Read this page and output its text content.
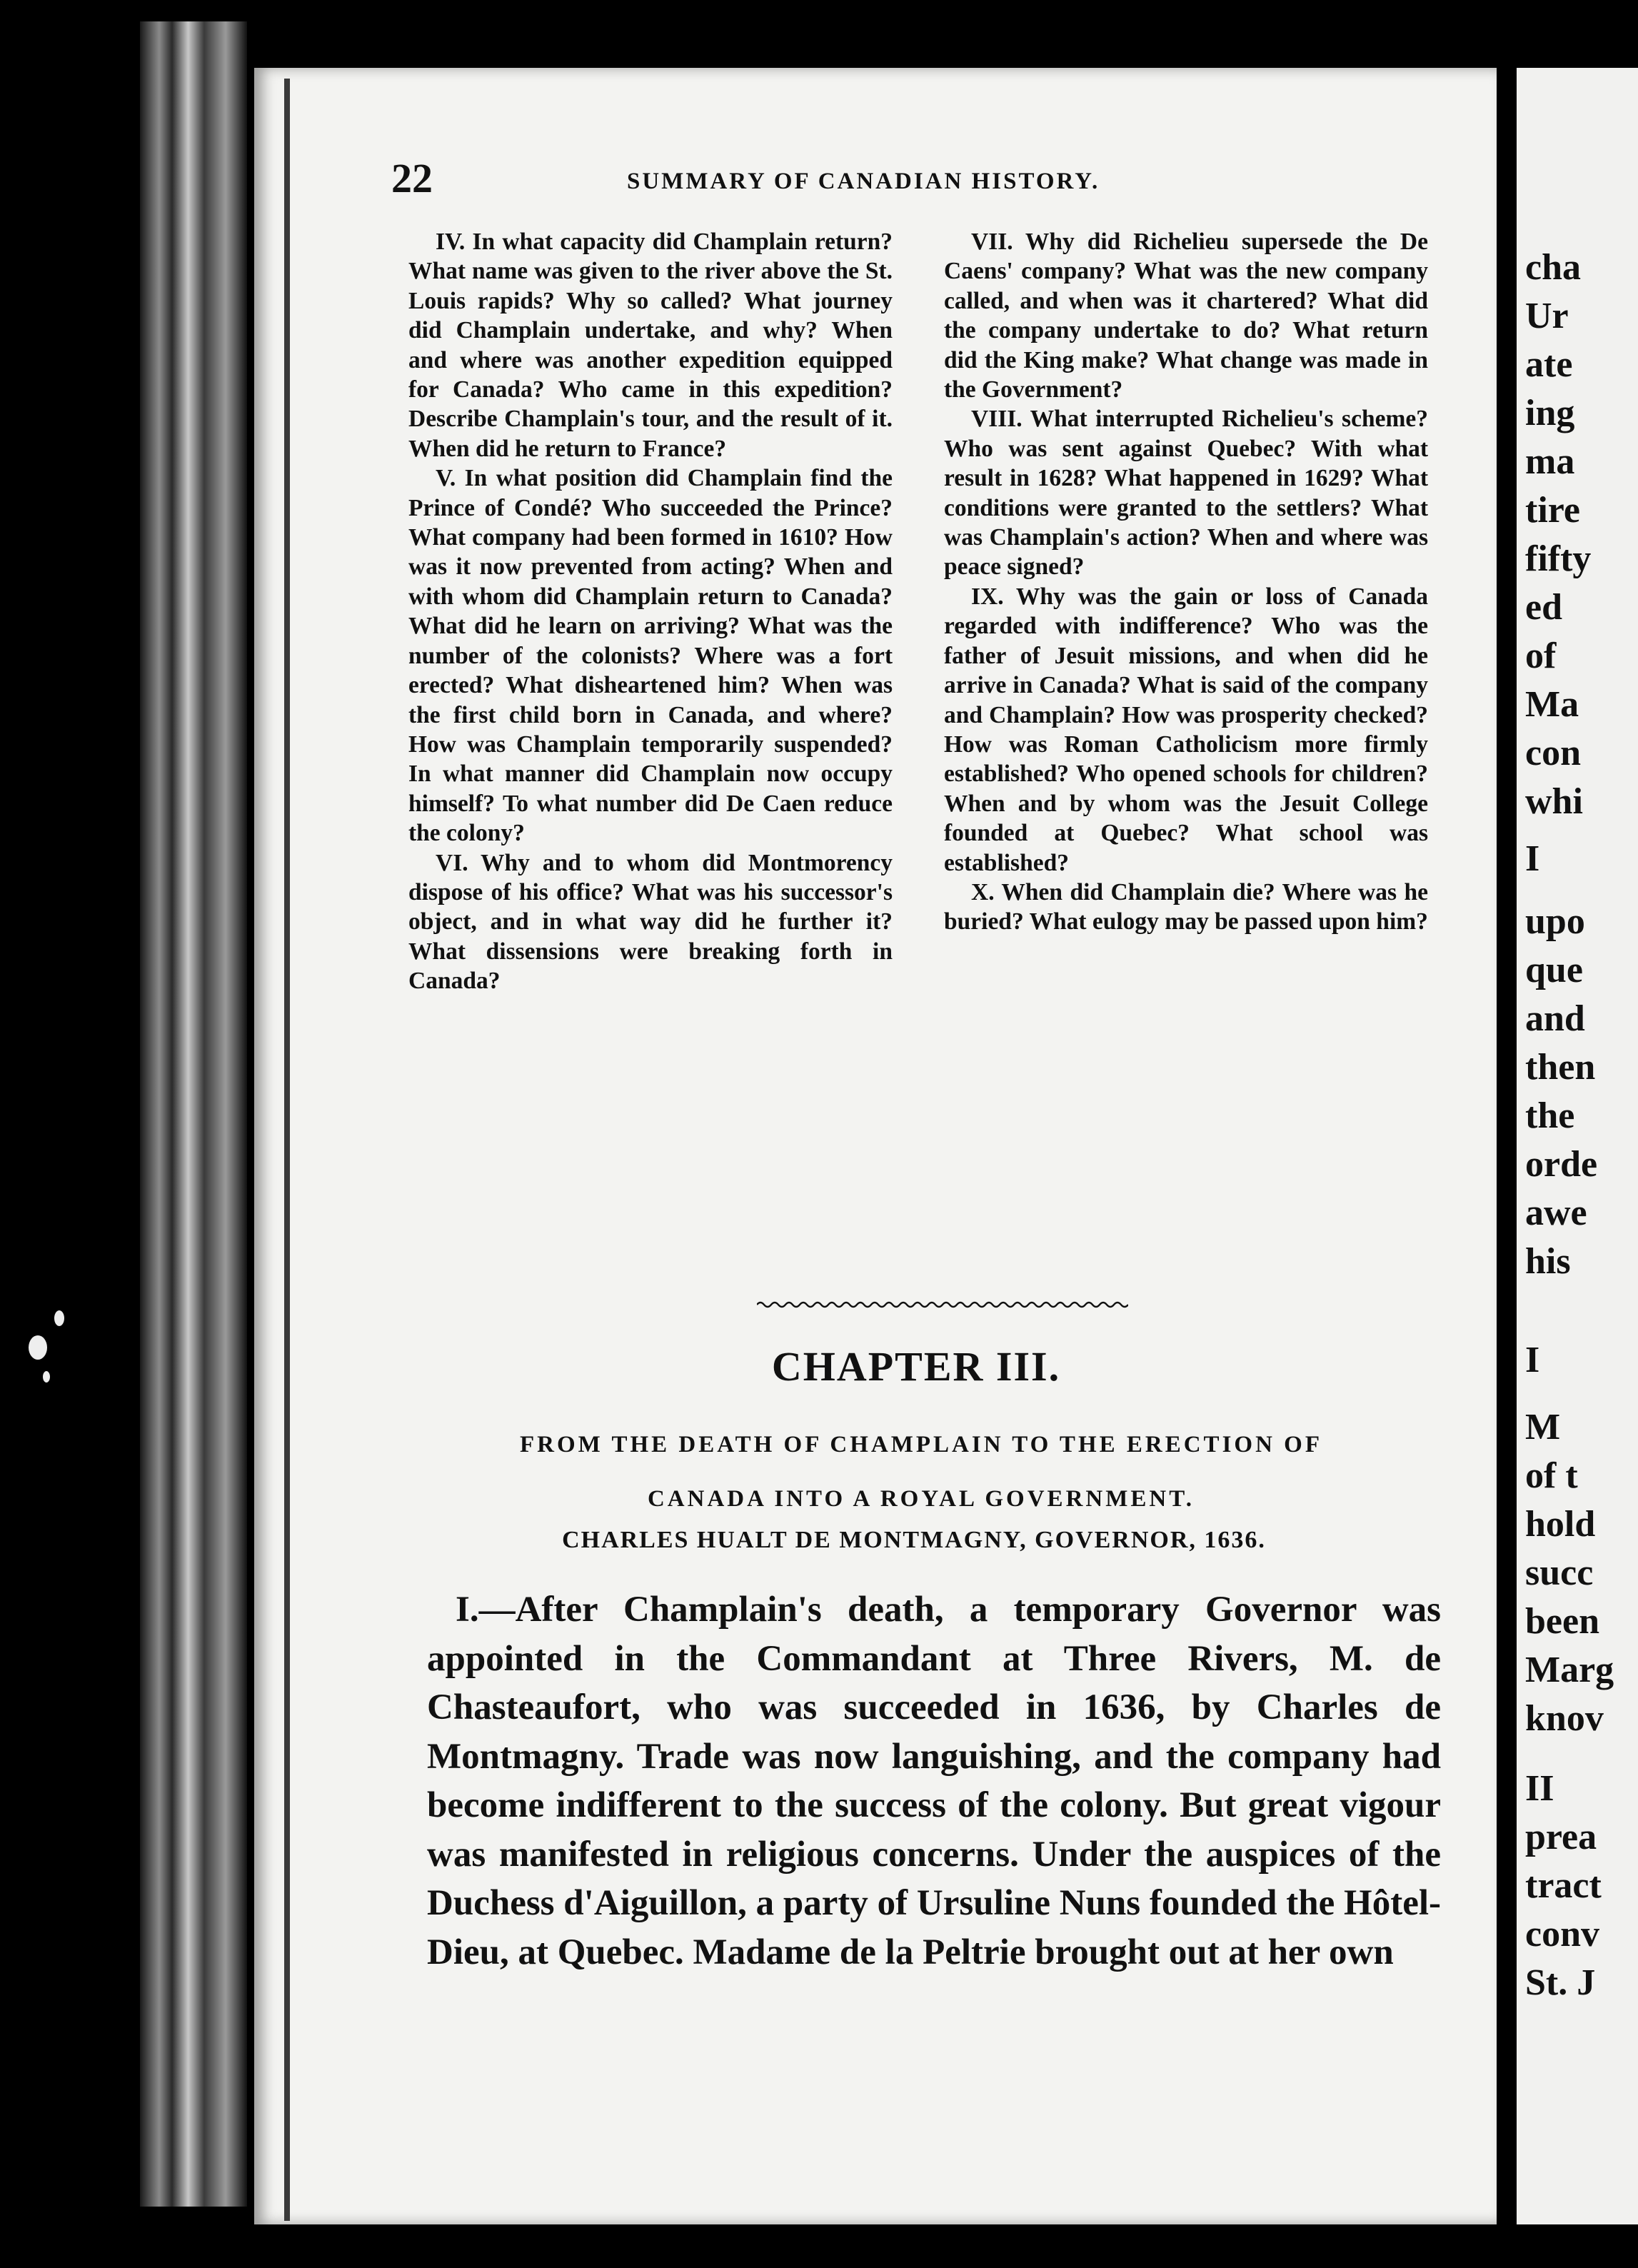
cha
Ur
ate
ing
ma
tire
fifty
ed
of
Ma
con
whi
I
upo
que
and
then
the
orde
awe
his
I
M
of t
hold
succ
been
Marg
knov
II
prea
tract
conv
St. J
22	SUMMARY OF CANADIAN HISTORY.

IV. In what capacity did Champlain return? What name was given to the river above the St. Louis rapids? Why so called? What journey did Champlain undertake, and why? When and where was another expedition equipped for Canada? Who came in this expedition? Describe Champlain's tour, and the result of it. When did he return to France?

V. In what position did Champlain find the Prince of Condé? Who succeeded the Prince? What company had been formed in 1610? How was it now prevented from acting? When and with whom did Champlain return to Canada? What did he learn on arriving? What was the number of the colonists? Where was a fort erected? What disheartened him? When was the first child born in Canada, and where? How was Champlain temporarily suspended? In what manner did Champlain now occupy himself? To what number did De Caen reduce the colony?

VI. Why and to whom did Montmorency dispose of his office? What was his successor's object, and in what way did he further it? What dissensions were breaking forth in Canada?

VII. Why did Richelieu supersede the De Caens' company? What was the new company called, and when was it chartered? What did the company undertake to do? What return did the King make? What change was made in the Government?

VIII. What interrupted Richelieu's scheme? Who was sent against Quebec? With what result in 1628? What happened in 1629? What conditions were granted to the settlers? What was Champlain's action? When and where was peace signed?

IX. Why was the gain or loss of Canada regarded with indifference? Who was the father of Jesuit missions, and when did he arrive in Canada? What is said of the company and Champlain? How was prosperity checked? How was Roman Catholicism more firmly established? Who opened schools for children? When and by whom was the Jesuit College founded at Quebec? What school was established?

X. When did Champlain die? Where was he buried? What eulogy may be passed upon him?

CHAPTER III.
FROM THE DEATH OF CHAMPLAIN TO THE ERECTION OF
CANADA INTO A ROYAL GOVERNMENT.
CHARLES HUALT DE MONTMAGNY, GOVERNOR, 1636.

I.—After Champlain's death, a temporary Governor was appointed in the Commandant at Three Rivers, M. de Chasteaufort, who was succeeded in 1636, by Charles de Montmagny. Trade was now languishing, and the company had become indifferent to the success of the colony. But great vigour was manifested in religious concerns. Under the auspices of the Duchess d'Aiguillon, a party of Ursuline Nuns founded the Hôtel-Dieu, at Quebec. Madame de la Peltrie brought out at her own
